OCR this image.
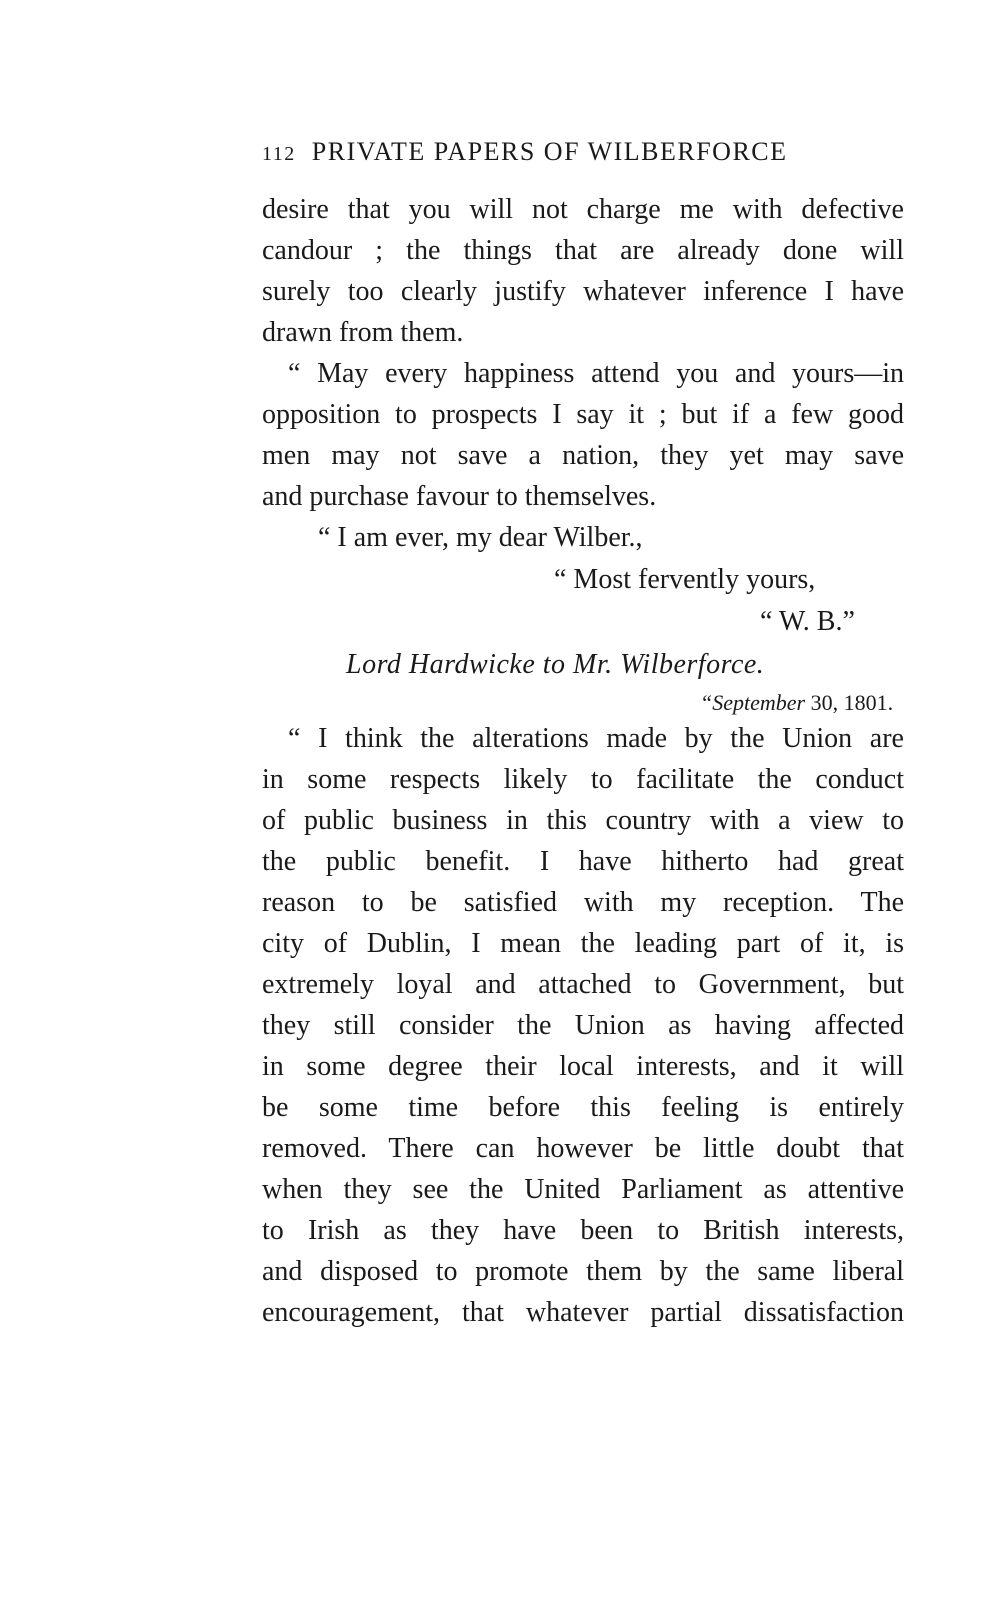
112 PRIVATE PAPERS OF WILBERFORCE
desire that you will not charge me with defective
candour ; the things that are already done will
surely too clearly justify whatever inference I have
drawn from them.
“ May every happiness attend you and yours—in
opposition to prospects I say it ; but if a few good
men may not save a nation, they yet may save
and purchase favour to themselves.
“ I am ever, my dear Wilber.,
“ Most fervently yours,
“ W. B.”
Lord Hardwicke to Mr. Wilberforce.
“September 30, 1801.
“ I think the alterations made by the Union are
in some respects likely to facilitate the conduct
of public business in this country with a view to
the public benefit. I have hitherto had great
reason to be satisfied with my reception. The
city of Dublin, I mean the leading part of it, is
extremely loyal and attached to Government, but
they still consider the Union as having affected
in some degree their local interests, and it will
be some time before this feeling is entirely
removed. There can however be little doubt that
when they see the United Parliament as attentive
to Irish as they have been to British interests,
and disposed to promote them by the same liberal
encouragement, that whatever partial dissatisfaction
